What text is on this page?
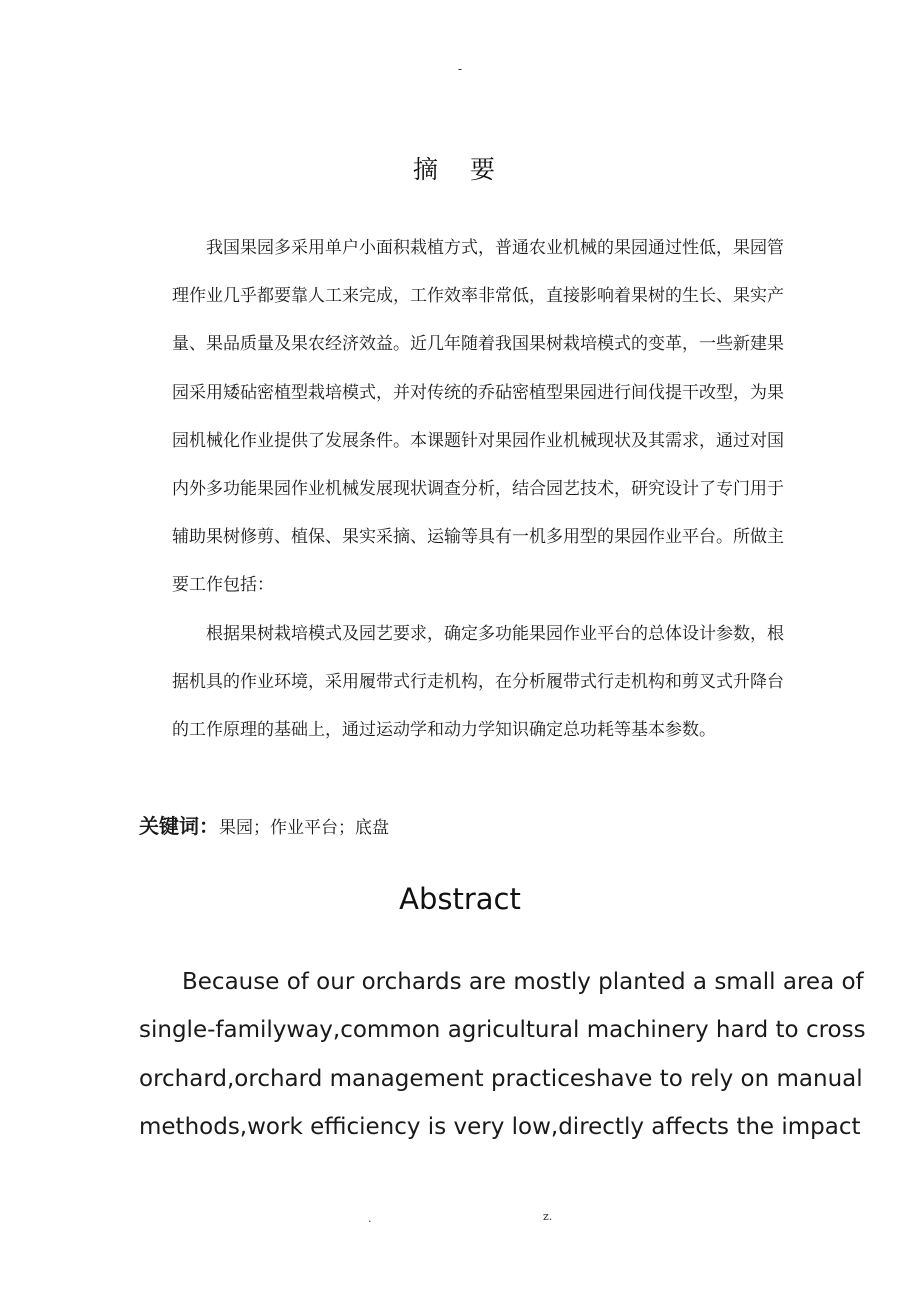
-
摘 要

我国果园多采用单户小面积栽植方式，普通农业机械的果园通过性低，果园管理作业几乎都要靠人工来完成，工作效率非常低，直接影响着果树的生长、果实产量、果品质量及果农经济效益。近几年随着我国果树栽培模式的变革，一些新建果园采用矮砧密植型栽培模式，并对传统的乔砧密植型果园进行间伐提干改型，为果园机械化作业提供了发展条件。本课题针对果园作业机械现状及其需求，通过对国内外多功能果园作业机械发展现状调查分析，结合园艺技术，研究设计了专门用于辅助果树修剪、植保、果实采摘、运输等具有一机多用型的果园作业平台。所做主要工作包括：

根据果树栽培模式及园艺要求，确定多功能果园作业平台的总体设计参数，根据机具的作业环境，采用履带式行走机构，在分析履带式行走机构和剪叉式升降台的工作原理的基础上，通过运动学和动力学知识确定总功耗等基本参数。

关键词：果园；作业平台；底盘
Abstract
Because of our orchards are mostly planted a small area of
single-familyway,common agricultural machinery hard to cross
orchard,orchard management practiceshave to rely on manual
methods,work efficiency is very low,directly affects the impact
.	z.
